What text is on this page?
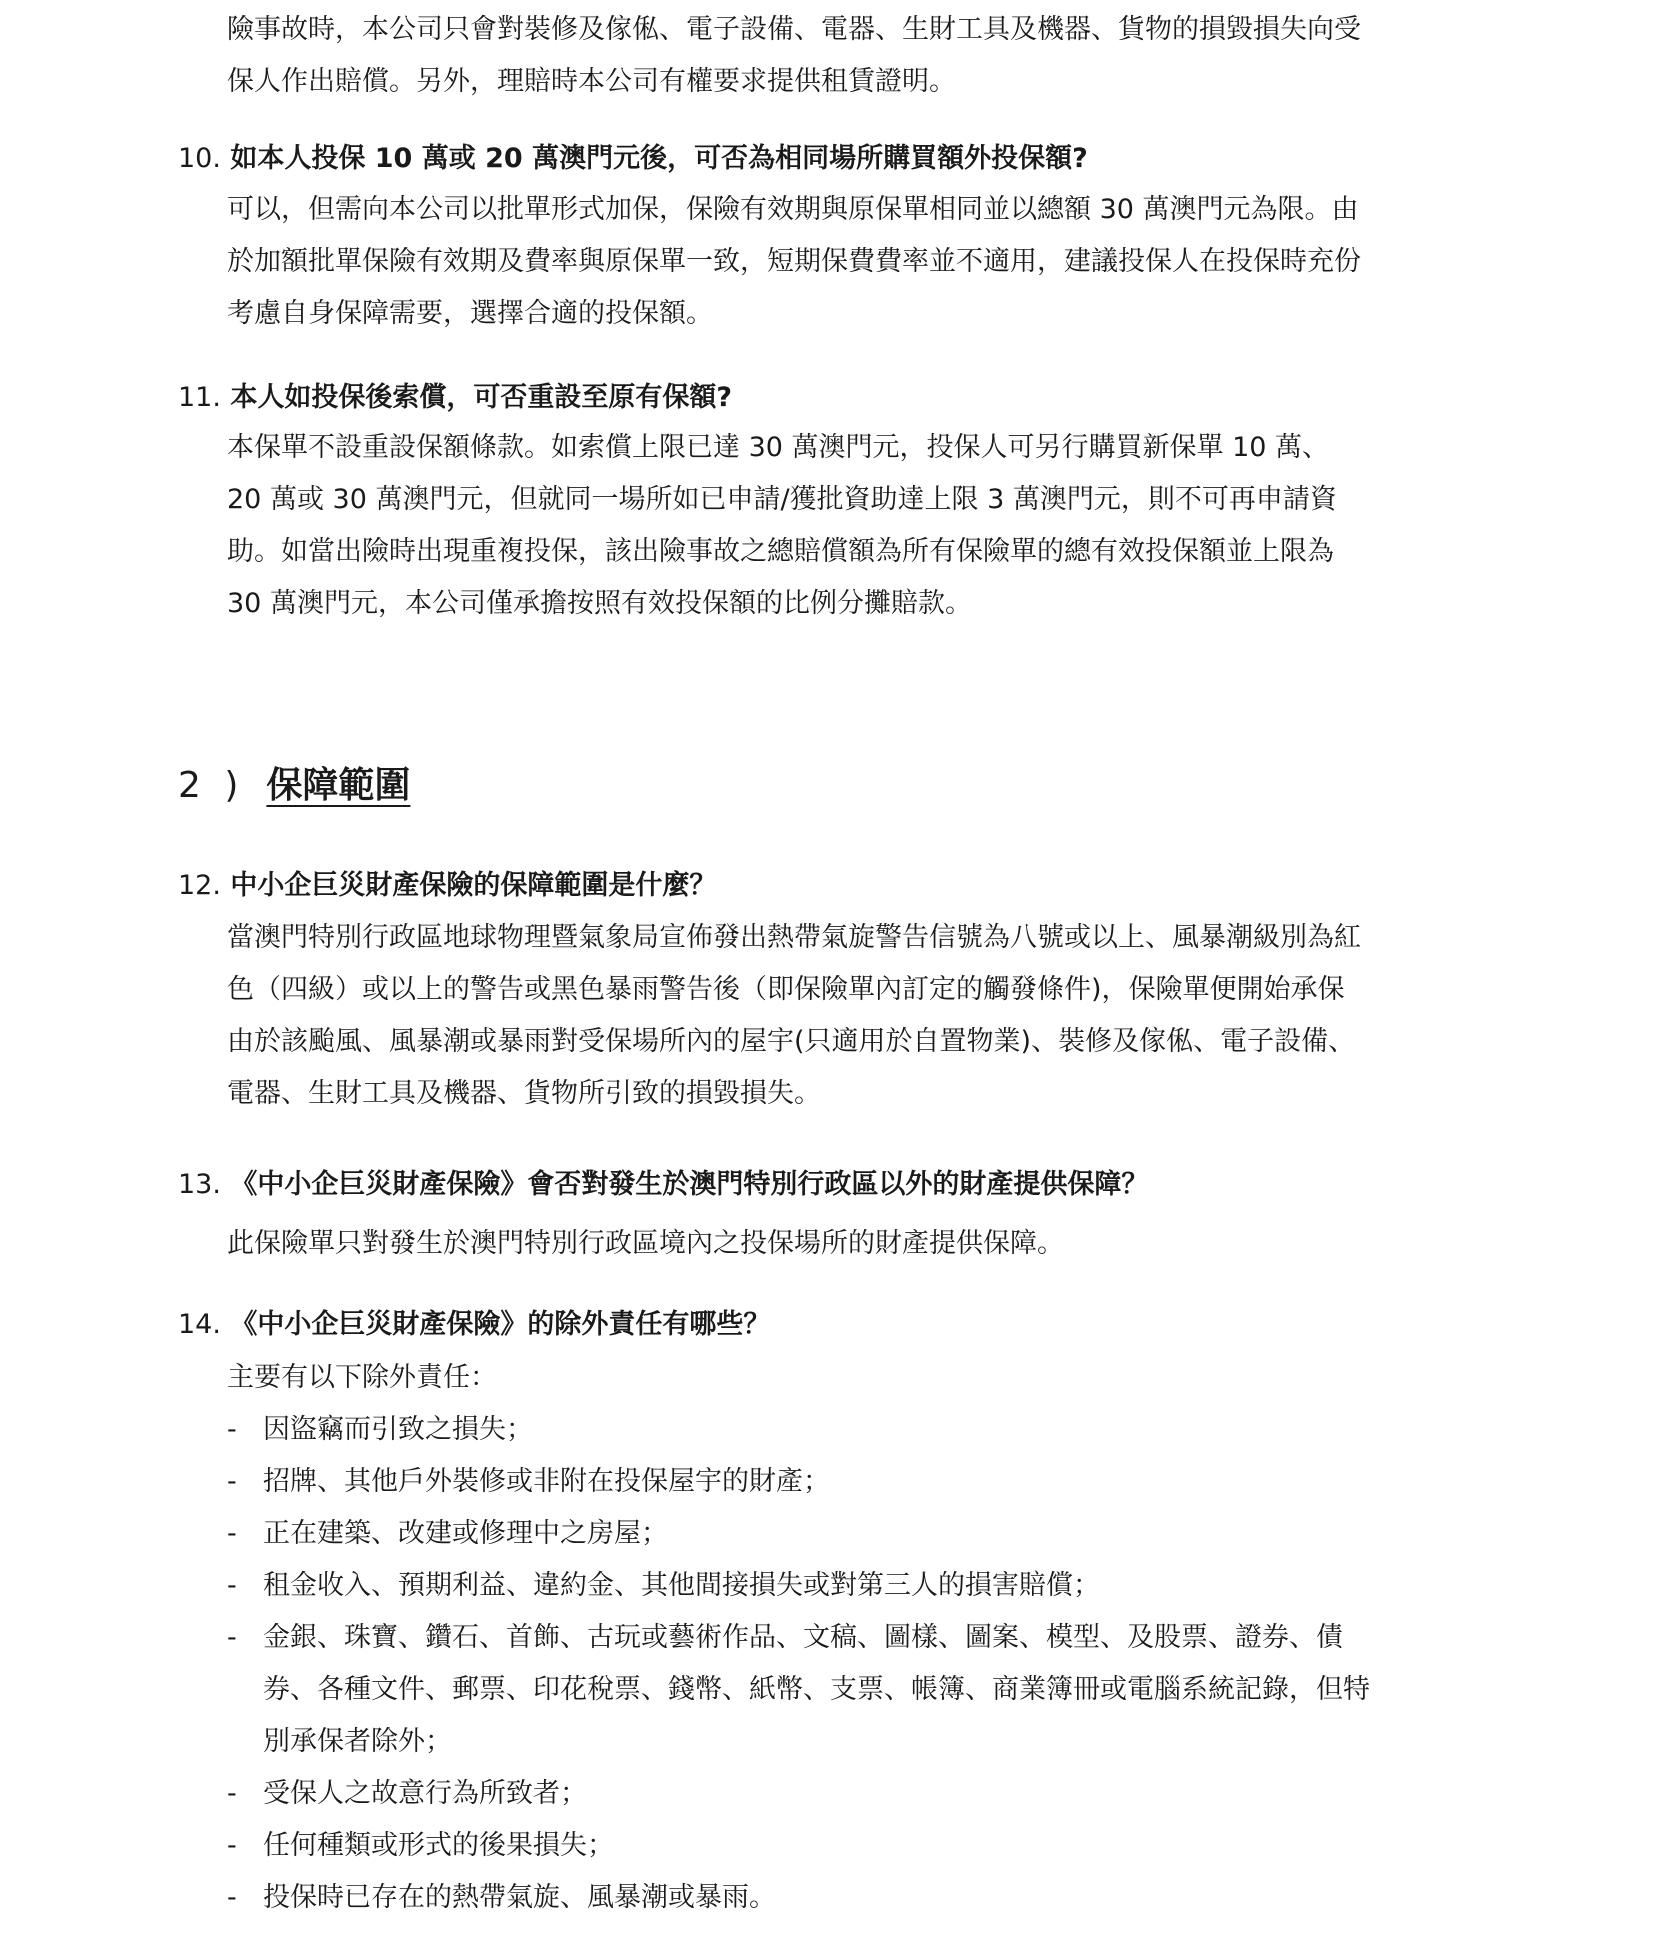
險事故時，本公司只會對裝修及傢俬、電子設備、電器、生財工具及機器、貨物的損毀損失向受
保人作出賠償。另外，理賠時本公司有權要求提供租賃證明。
10. 如本人投保 10 萬或 20 萬澳門元後，可否為相同場所購買額外投保額?
可以，但需向本公司以批單形式加保，保險有效期與原保單相同並以總額 30 萬澳門元為限。由
於加額批單保險有效期及費率與原保單一致，短期保費費率並不適用，建議投保人在投保時充份
考慮自身保障需要，選擇合適的投保額。
11. 本人如投保後索償，可否重設至原有保額?
本保單不設重設保額條款。如索償上限已達 30 萬澳門元，投保人可另行購買新保單 10 萬、
20 萬或 30 萬澳門元，但就同一場所如已申請/獲批資助達上限 3 萬澳門元，則不可再申請資
助。如當出險時出現重複投保，該出險事故之總賠償額為所有保險單的總有效投保額並上限為
30 萬澳門元，本公司僅承擔按照有效投保額的比例分攤賠款。
2 ) 保障範圍
12. 中小企巨災財產保險的保障範圍是什麼？
當澳門特別行政區地球物理暨氣象局宣佈發出熱帶氣旋警告信號為八號或以上、風暴潮級別為紅
色（四級）或以上的警告或黑色暴雨警告後（即保險單內訂定的觸發條件)，保險單便開始承保
由於該颱風、風暴潮或暴雨對受保場所內的屋宇(只適用於自置物業)、裝修及傢俬、電子設備、
電器、生財工具及機器、貨物所引致的損毀損失。
13. 《中小企巨災財產保險》會否對發生於澳門特別行政區以外的財產提供保障？
此保險單只對發生於澳門特別行政區境內之投保場所的財產提供保障。
14. 《中小企巨災財產保險》的除外責任有哪些？
主要有以下除外責任：
- 因盜竊而引致之損失；
- 招牌、其他戶外裝修或非附在投保屋宇的財產；
- 正在建築、改建或修理中之房屋；
- 租金收入、預期利益、違約金、其他間接損失或對第三人的損害賠償；
- 金銀、珠寶、鑽石、首飾、古玩或藝術作品、文稿、圖樣、圖案、模型、及股票、證券、債
券、各種文件、郵票、印花稅票、錢幣、紙幣、支票、帳簿、商業簿冊或電腦系統記錄，但特
別承保者除外；
- 受保人之故意行為所致者；
- 任何種類或形式的後果損失；
- 投保時已存在的熱帶氣旋、風暴潮或暴雨。
